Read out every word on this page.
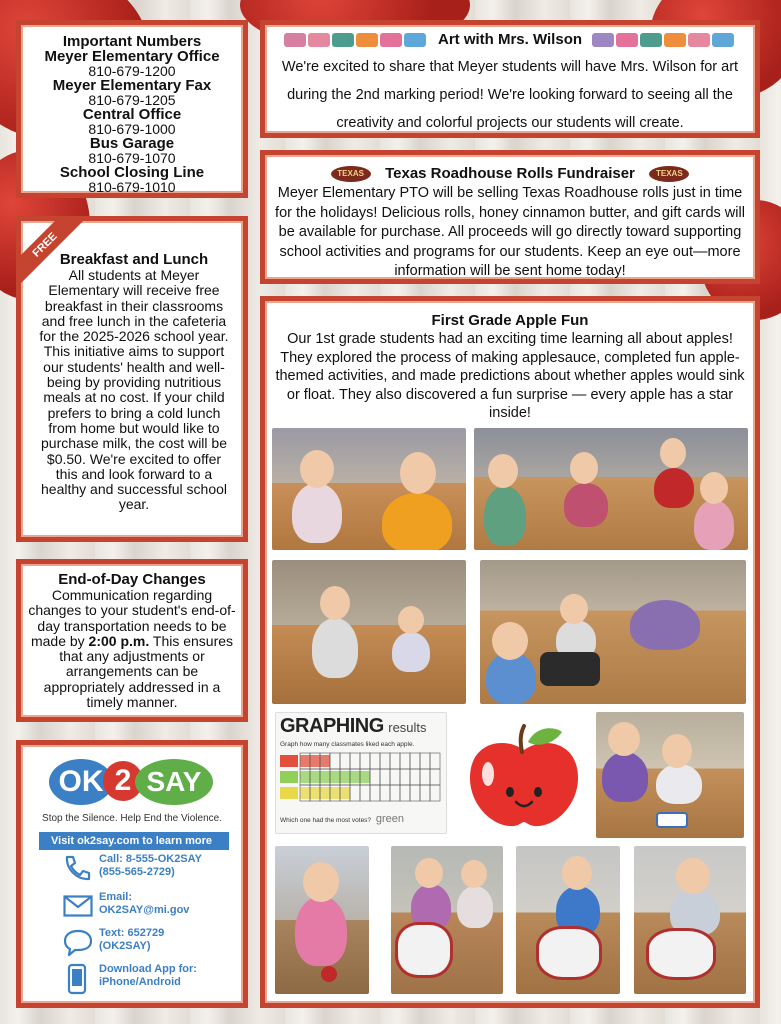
Important Numbers
Meyer Elementary Office
810-679-1200
Meyer Elementary Fax
810-679-1205
Central Office
810-679-1000
Bus Garage
810-679-1070
School Closing Line
810-679-1010
FREE Breakfast and Lunch
All students at Meyer Elementary will receive free breakfast in their classrooms and free lunch in the cafeteria for the 2025-2026 school year. This initiative aims to support our students' health and well-being by providing nutritious meals at no cost. If your child prefers to bring a cold lunch from home but would like to purchase milk, the cost will be $0.50. We're excited to offer this and look forward to a healthy and successful school year.
End-of-Day Changes
Communication regarding changes to your student's end-of-day transportation needs to be made by 2:00 p.m. This ensures that any adjustments or arrangements can be appropriately addressed in a timely manner.
OK 2 SAY
Stop the Silence. Help End the Violence.
Visit ok2say.com to learn more
Call: 8-555-OK2SAY
(855-565-2729)
Email:
OK2SAY@mi.gov
Text: 652729
(OK2SAY)
Download App for:
iPhone/Android
Art with Mrs. Wilson
We're excited to share that Meyer students will have Mrs. Wilson for art during the 2nd marking period! We're looking forward to seeing all the creativity and colorful projects our students will create.
TEXAS Texas Roadhouse Rolls Fundraiser	TEXAS
Meyer Elementary PTO will be selling Texas Roadhouse rolls just in time for the holidays! Delicious rolls, honey cinnamon butter, and gift cards will be available for purchase. All proceeds will go directly toward supporting school activities and programs for our students. Keep an eye out—more information will be sent home today!
First Grade Apple Fun
Our 1st grade students had an exciting time learning all about apples! They explored the process of making applesauce, completed fun apple-themed activities, and made predictions about whether apples would sink or float. They also discovered a fun surprise — every apple has a star inside!
GRAPHING results
Graph how many classmates liked each apple.
Which one had the most votes? green
